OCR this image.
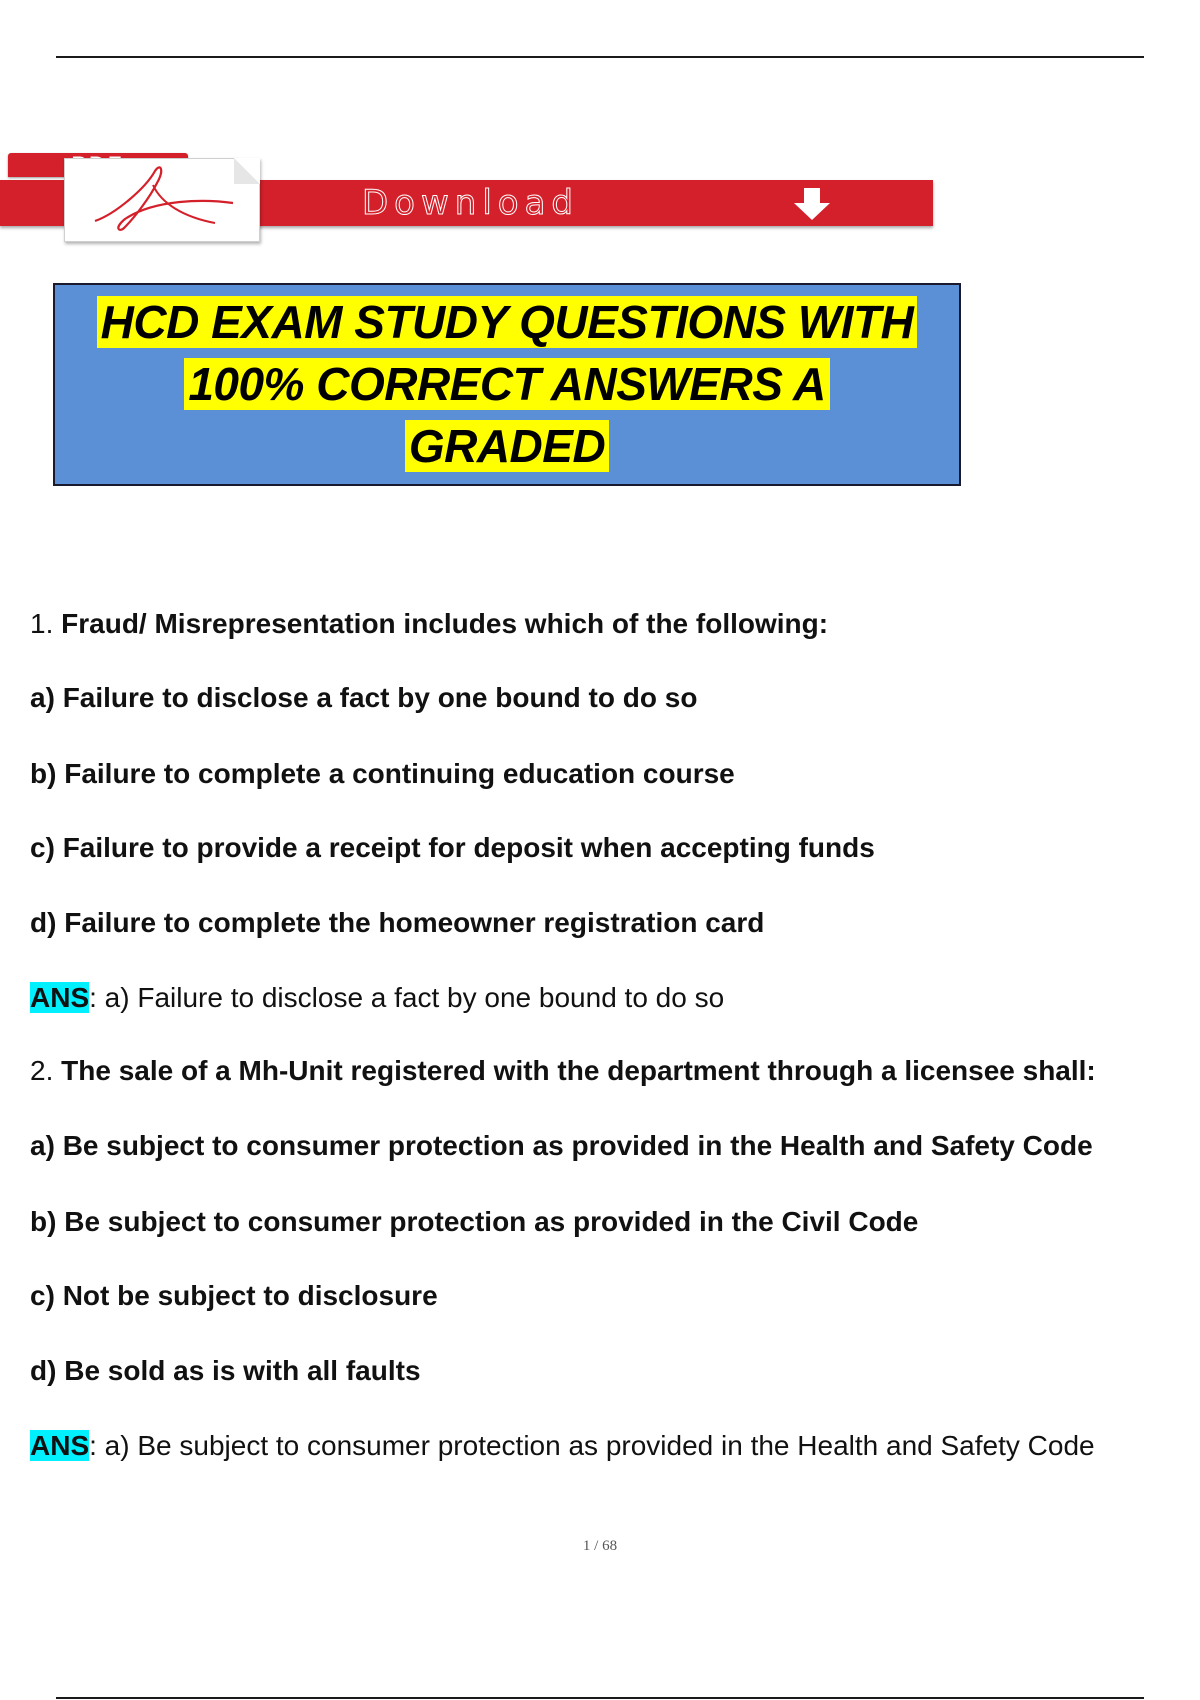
Download
HCD EXAM STUDY QUESTIONS WITH
100% CORRECT ANSWERS A
GRADED
1. Fraud/ Misrepresentation includes which of the following:
a) Failure to disclose a fact by one bound to do so
b) Failure to complete a continuing education course
c) Failure to provide a receipt for deposit when accepting funds
d) Failure to complete the homeowner registration card
ANS: a) Failure to disclose a fact by one bound to do so
2. The sale of a Mh-Unit registered with the department through a licensee shall:
a) Be subject to consumer protection as provided in the Health and Safety Code
b) Be subject to consumer protection as provided in the Civil Code
c) Not be subject to disclosure
d) Be sold as is with all faults
ANS: a) Be subject to consumer protection as provided in the Health and Safety Code
1 / 68
